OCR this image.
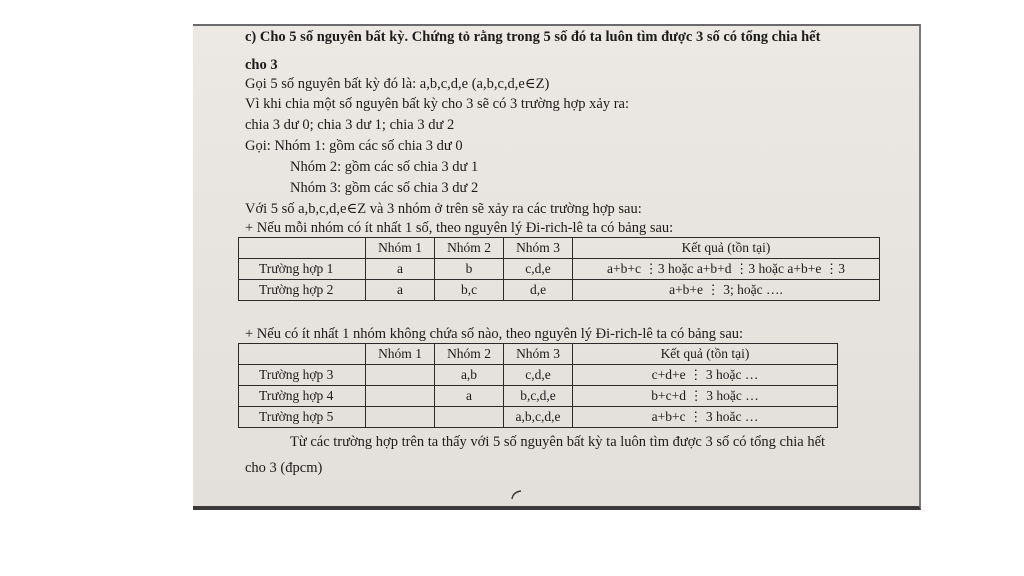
c) Cho 5 số nguyên bất kỳ. Chứng tỏ rằng trong 5 số đó ta luôn tìm được 3 số có tổng chia hết
cho 3
Gọi 5 số nguyên bất kỳ đó là: a,b,c,d,e (a,b,c,d,e∈Z)
Vì khi chia một số nguyên bất kỳ cho 3 sẽ có 3 trường hợp xảy ra:
chia 3 dư 0; chia 3 dư 1; chia 3 dư 2
Gọi: Nhóm 1: gồm các số chia 3 dư 0
Nhóm 2: gồm các số chia 3 dư 1
Nhóm 3: gồm các số chia 3 dư 2
Với 5 số a,b,c,d,e∈Z và 3 nhóm ở trên sẽ xảy ra các trường hợp sau:
+ Nếu mỗi nhóm có ít nhất 1 số, theo nguyên lý Đi-rich-lê ta có bảng sau:
	Nhóm 1	Nhóm 2	Nhóm 3	Kết quả (tồn tại)
Trường hợp 1	a	b	c,d,e	a+b+c ⋮3 hoặc a+b+d ⋮3 hoặc a+b+e ⋮3
Trường hợp 2	a	b,c	d,e	a+b+e ⋮ 3; hoặc ….
+ Nếu có ít nhất 1 nhóm không chứa số nào, theo nguyên lý Đi-rich-lê ta có bảng sau:
	Nhóm 1	Nhóm 2	Nhóm 3	Kết quả (tồn tại)
Trường hợp 3		a,b	c,d,e	c+d+e ⋮ 3 hoặc …
Trường hợp 4		a	b,c,d,e	b+c+d ⋮ 3 hoặc …
Trường hợp 5			a,b,c,d,e	a+b+c ⋮ 3 hoăc …
Từ các trường hợp trên ta thấy với 5 số nguyên bất kỳ ta luôn tìm được 3 số có tổng chia hết
cho 3 (đpcm)
